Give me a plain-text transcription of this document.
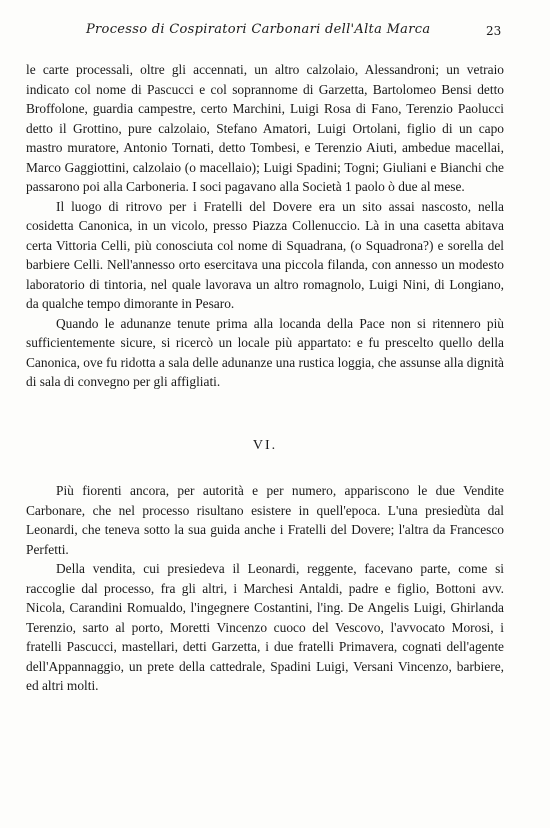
Processo di Cospiratori Carbonari dell'Alta Marca	23

le carte processali, oltre gli accennati, un altro calzolaio, Alessandroni; un vetraio indicato col nome di Pascucci e col soprannome di Garzetta, Bartolomeo Bensi detto Broffolone, guardia campestre, certo Marchini, Luigi Rosa di Fano, Terenzio Paolucci detto il Grottino, pure calzolaio, Stefano Amatori, Luigi Ortolani, figlio di un capo mastro muratore, Antonio Tornati, detto Tombesi, e Terenzio Aiuti, ambedue macellai, Marco Gaggiottini, calzolaio (o macellaio); Luigi Spadini; Togni; Giuliani e Bianchi che passarono poi alla Carboneria. I soci pagavano alla Società 1 paolo ò due al mese.

Il luogo di ritrovo per i Fratelli del Dovere era un sito assai nascosto, nella cosidetta Canonica, in un vicolo, presso Piazza Collenuccio. Là in una casetta abitava certa Vittoria Celli, più conosciuta col nome di Squadrana, (o Squadrona?) e sorella del barbiere Celli. Nell'annesso orto esercitava una piccola filanda, con annesso un modesto laboratorio di tintoria, nel quale lavorava un altro romagnolo, Luigi Nini, di Longiano, da qualche tempo dimorante in Pesaro.

Quando le adunanze tenute prima alla locanda della Pace non si ritennero più sufficientemente sicure, si ricercò un locale più appartato: e fu prescelto quello della Canonica, ove fu ridotta a sala delle adunanze una rustica loggia, che assunse alla dignità di sala di convegno per gli affigliati.

VI.

Più fiorenti ancora, per autorità e per numero, appariscono le due Vendite Carbonare, che nel processo risultano esistere in quell'epoca. L'una presiedùta dal Leonardi, che teneva sotto la sua guida anche i Fratelli del Dovere; l'altra da Francesco Perfetti.

Della vendita, cui presiedeva il Leonardi, reggente, facevano parte, come si raccoglie dal processo, fra gli altri, i Marchesi Antaldi, padre e figlio, Bottoni avv. Nicola, Carandini Romualdo, l'ingegnere Costantini, l'ing. De Angelis Luigi, Ghirlanda Terenzio, sarto al porto, Moretti Vincenzo cuoco del Vescovo, l'avvocato Morosi, i fratelli Pascucci, mastellari, detti Garzetta, i due fratelli Primavera, cognati dell'agente dell'Appannaggio, un prete della cattedrale, Spadini Luigi, Versani Vincenzo, barbiere, ed altri molti.
